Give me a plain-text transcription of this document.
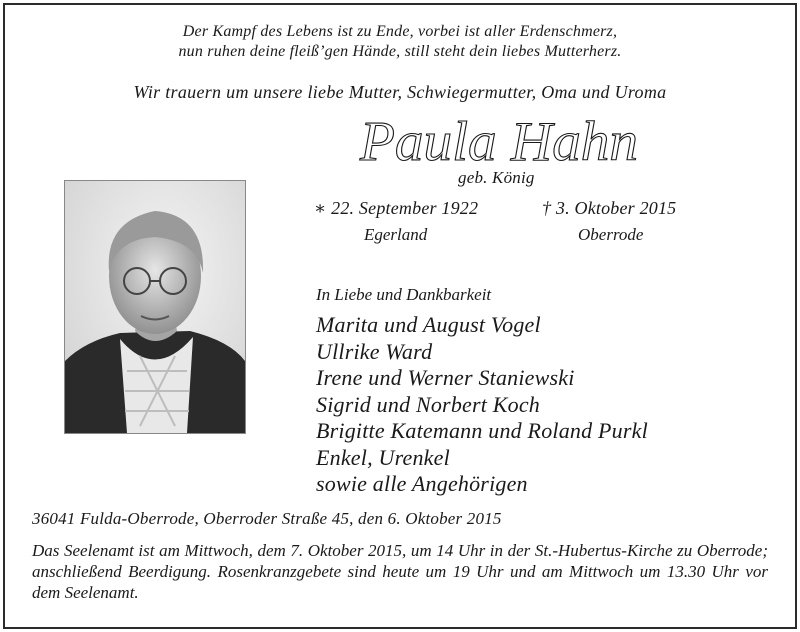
Der Kampf des Lebens ist zu Ende, vorbei ist aller Erdenschmerz,
nun ruhen deine fleiß’gen Hände, still steht dein liebes Mutterherz.
Wir trauern um unsere liebe Mutter, Schwiegermutter, Oma und Uroma
Paula Hahn
geb. König
∗ 22. September 1922	† 3. Oktober 2015
Egerland	Oberrode
In Liebe und Dankbarkeit
Marita und August Vogel
Ullrike Ward
Irene und Werner Staniewski
Sigrid und Norbert Koch
Brigitte Katemann und Roland Purkl
Enkel, Urenkel
sowie alle Angehörigen
36041 Fulda-Oberrode, Oberroder Straße 45, den 6. Oktober 2015
Das Seelenamt ist am Mittwoch, dem 7. Oktober 2015, um 14 Uhr in der St.-Hubertus-Kirche zu Oberrode; anschließend Beerdigung. Rosenkranzgebete sind heute um 19 Uhr und am Mittwoch um 13.30 Uhr vor dem Seelenamt.
